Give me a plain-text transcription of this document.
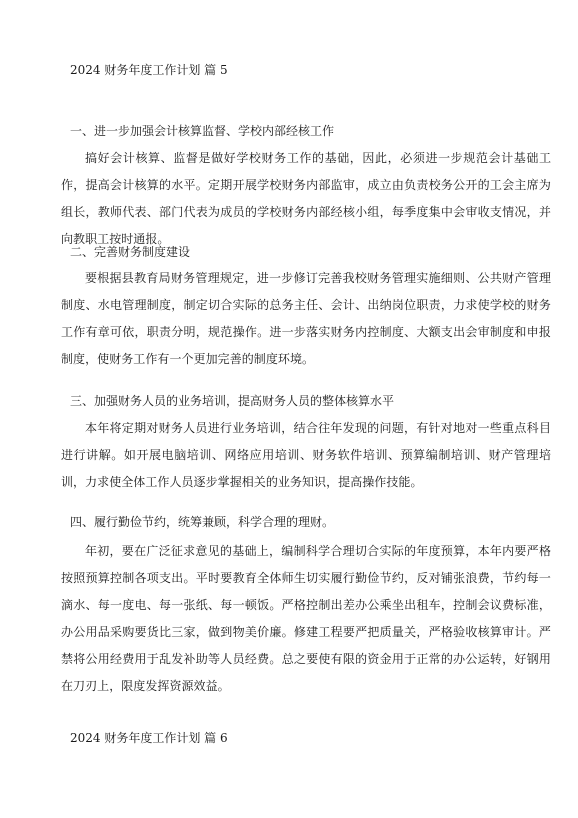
2024 财务年度工作计划 篇 5
一、进一步加强会计核算监督、学校内部经核工作

搞好会计核算、监督是做好学校财务工作的基础，因此，必须进一步规范会计基础工作，提高会计核算的水平。定期开展学校财务内部监审，成立由负责校务公开的工会主席为组长，教师代表、部门代表为成员的学校财务内部经核小组，每季度集中会审收支情况，并向教职工按时通报。

二、完善财务制度建设

要根据县教育局财务管理规定，进一步修订完善我校财务管理实施细则、公共财产管理制度、水电管理制度，制定切合实际的总务主任、会计、出纳岗位职责，力求使学校的财务工作有章可依，职责分明，规范操作。进一步落实财务内控制度、大额支出会审制度和申报制度，使财务工作有一个更加完善的制度环境。

三、加强财务人员的业务培训，提高财务人员的整体核算水平

本年将定期对财务人员进行业务培训，结合往年发现的问题，有针对地对一些重点科目进行讲解。如开展电脑培训、网络应用培训、财务软件培训、预算编制培训、财产管理培训，力求使全体工作人员逐步掌握相关的业务知识，提高操作技能。

四、履行勤俭节约，统筹兼顾，科学合理的理财。

年初，要在广泛征求意见的基础上，编制科学合理切合实际的年度预算，本年内要严格按照预算控制各项支出。平时要教育全体师生切实履行勤俭节约，反对铺张浪费，节约每一滴水、每一度电、每一张纸、每一顿饭。严格控制出差办公乘坐出租车，控制会议费标准，办公用品采购要货比三家，做到物美价廉。修建工程要严把质量关，严格验收核算审计。严禁将公用经费用于乱发补助等人员经费。总之要使有限的资金用于正常的办公运转，好钢用在刀刃上，限度发挥资源效益。

2024 财务年度工作计划 篇 6
